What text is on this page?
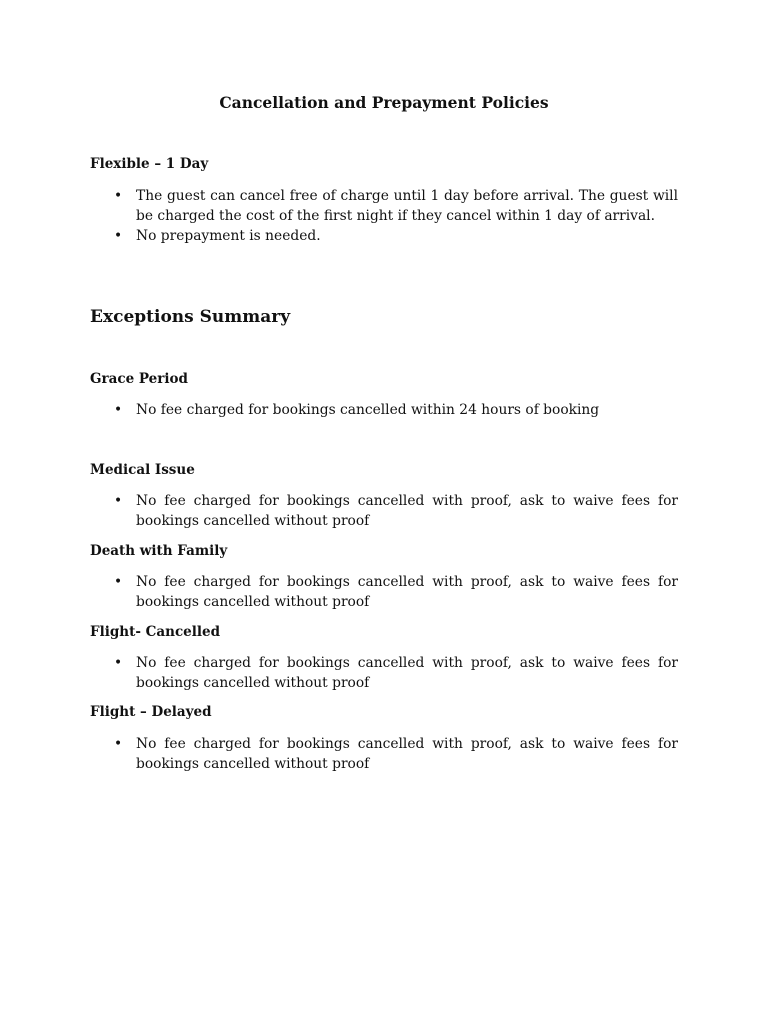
Cancellation and Prepayment Policies
Flexible – 1 Day
• The guest can cancel free of charge until 1 day before arrival. The guest will be charged the cost of the first night if they cancel within 1 day of arrival.
• No prepayment is needed.
Exceptions Summary
Grace Period
• No fee charged for bookings cancelled within 24 hours of booking
Medical Issue
• No fee charged for bookings cancelled with proof, ask to waive fees for bookings cancelled without proof
Death with Family
• No fee charged for bookings cancelled with proof, ask to waive fees for bookings cancelled without proof
Flight- Cancelled
• No fee charged for bookings cancelled with proof, ask to waive fees for bookings cancelled without proof
Flight – Delayed
• No fee charged for bookings cancelled with proof, ask to waive fees for bookings cancelled without proof
